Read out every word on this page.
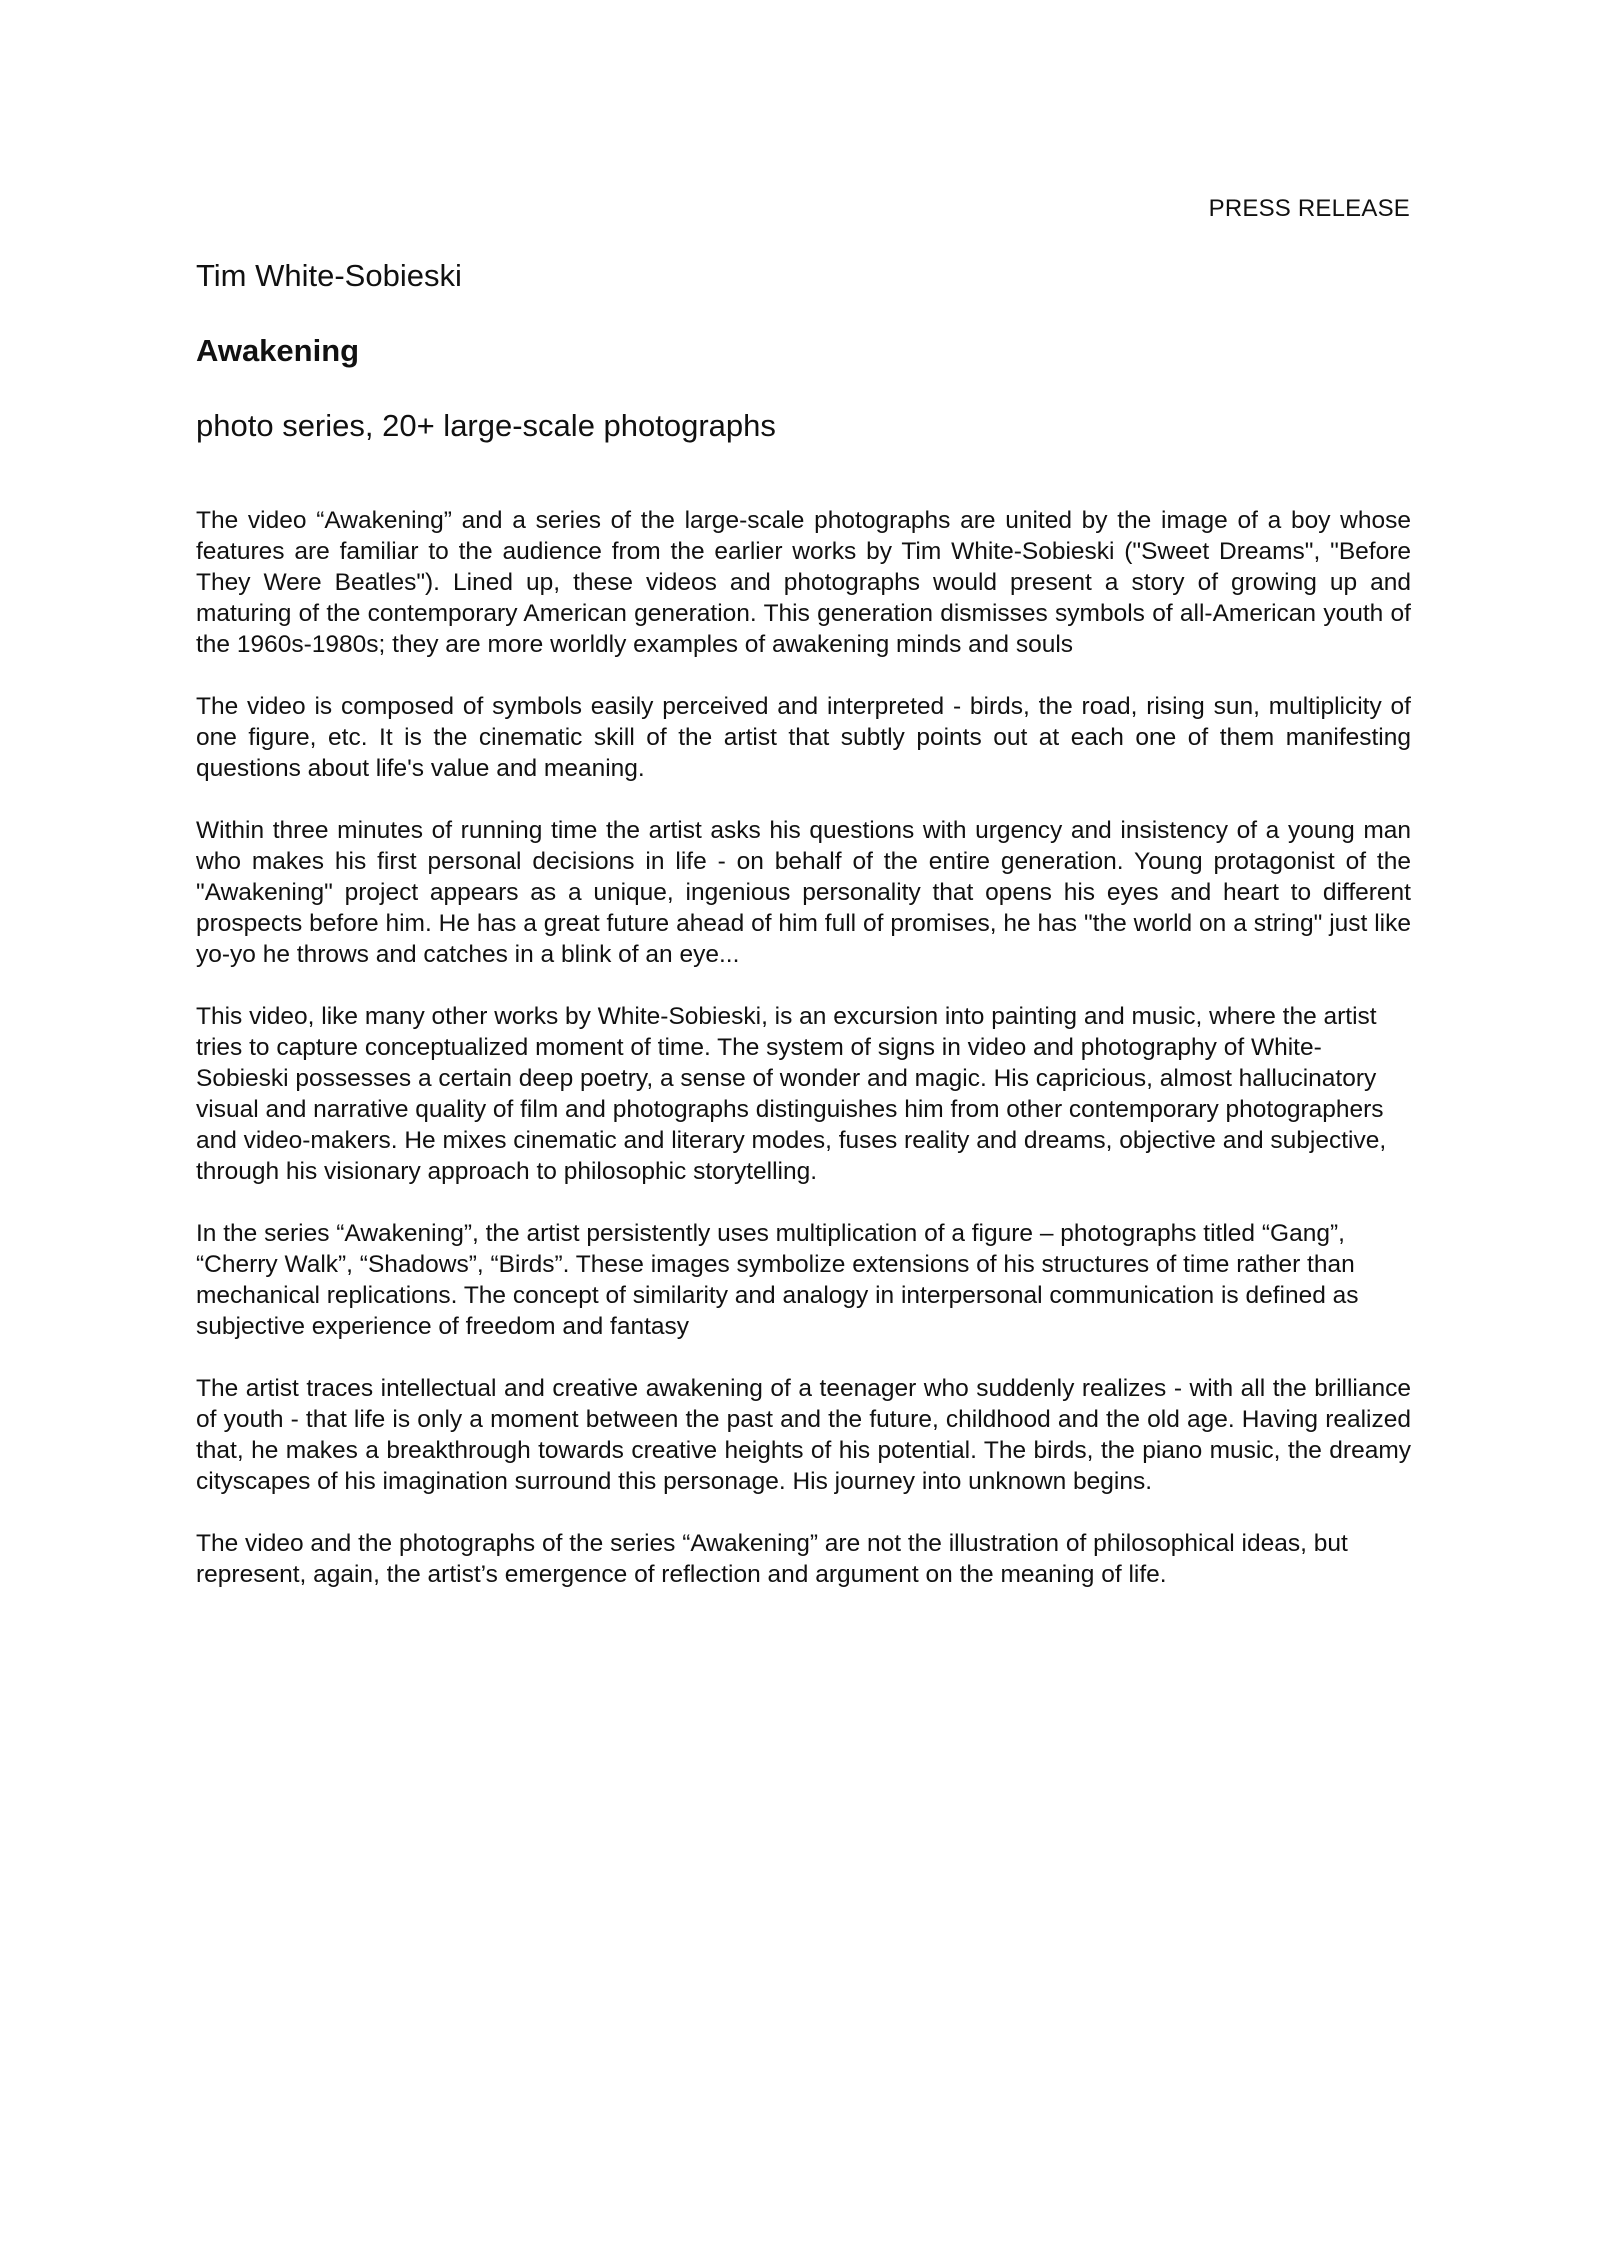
PRESS RELEASE
Tim White-Sobieski
Awakening
photo series, 20+ large-scale photographs

The video “Awakening” and a series of the large-scale photographs are united by the image of a boy whose features are familiar to the audience from the earlier works by Tim White-Sobieski ("Sweet Dreams", "Before They Were Beatles"). Lined up, these videos and photographs would present a story of growing up and maturing of the contemporary American generation. This generation dismisses symbols of all-American youth of the 1960s-1980s; they are more worldly examples of awakening minds and souls

The video is composed of symbols easily perceived and interpreted - birds, the road, rising sun, multiplicity of one figure, etc. It is the cinematic skill of the artist that subtly points out at each one of them manifesting questions about life's value and meaning.

Within three minutes of running time the artist asks his questions with urgency and insistency of a young man who makes his first personal decisions in life - on behalf of the entire generation. Young protagonist of the "Awakening" project appears as a unique, ingenious personality that opens his eyes and heart to different prospects before him. He has a great future ahead of him full of promises, he has "the world on a string" just like yo-yo he throws and catches in a blink of an eye...

This video, like many other works by White-Sobieski, is an excursion into painting and music, where the artist tries to capture conceptualized moment of time. The system of signs in video and photography of White-Sobieski possesses a certain deep poetry, a sense of wonder and magic. His capricious, almost hallucinatory visual and narrative quality of film and photographs distinguishes him from other contemporary photographers and video-makers. He mixes cinematic and literary modes, fuses reality and dreams, objective and subjective, through his visionary approach to philosophic storytelling.

In the series “Awakening”, the artist persistently uses multiplication of a figure – photographs titled “Gang”, “Cherry Walk”, “Shadows”, “Birds”. These images symbolize extensions of his structures of time rather than mechanical replications. The concept of similarity and analogy in interpersonal communication is defined as subjective experience of freedom and fantasy

The artist traces intellectual and creative awakening of a teenager who suddenly realizes - with all the brilliance of youth - that life is only a moment between the past and the future, childhood and the old age. Having realized that, he makes a breakthrough towards creative heights of his potential. The birds, the piano music, the dreamy cityscapes of his imagination surround this personage. His journey into unknown begins.

The video and the photographs of the series “Awakening” are not the illustration of philosophical ideas, but represent, again, the artist’s emergence of reflection and argument on the meaning of life.
